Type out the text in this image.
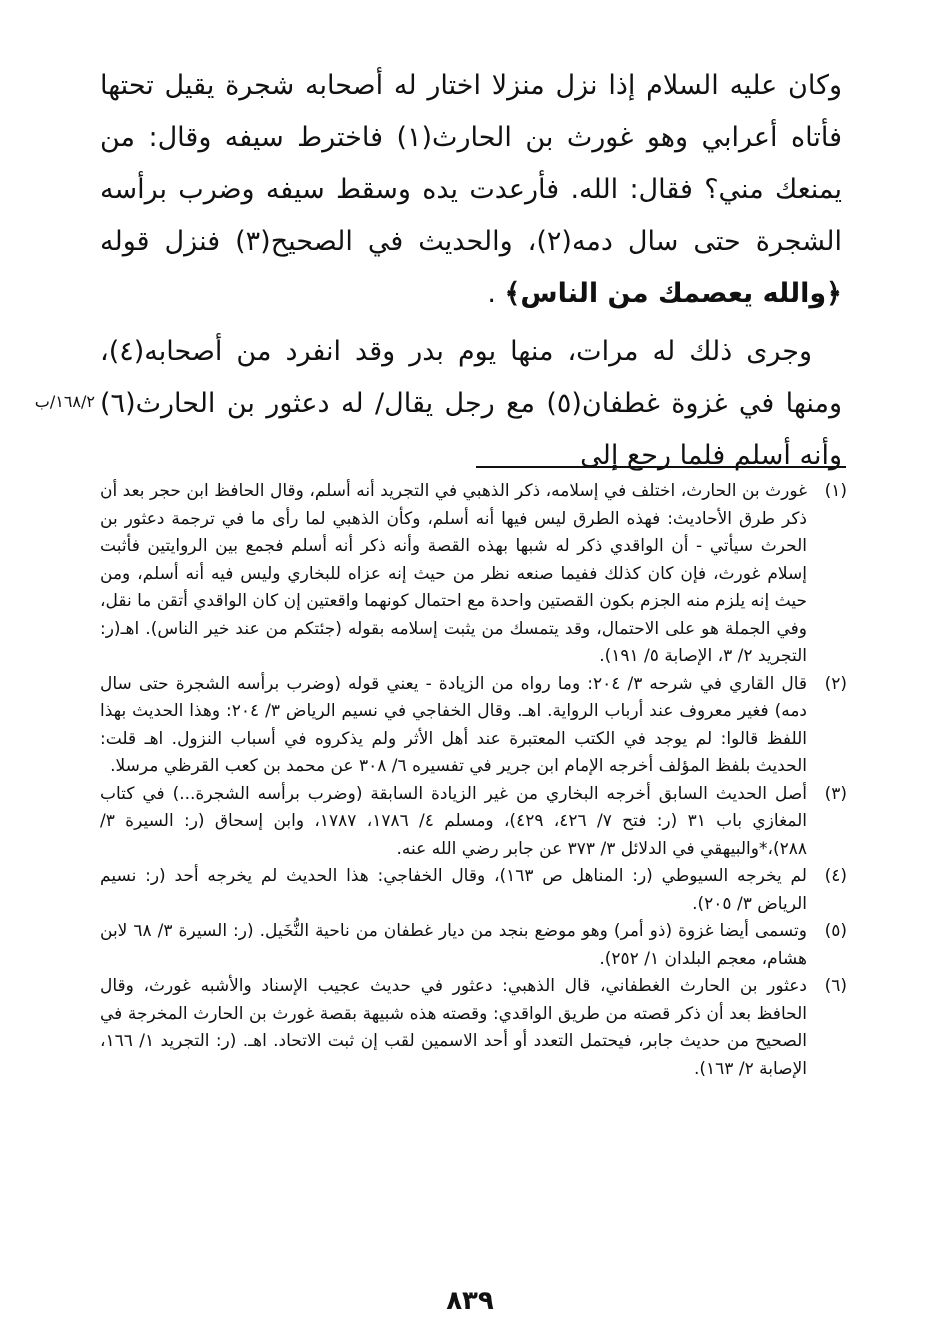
وكان عليه السلام إذا نزل منزلا اختار له أصحابه شجرة يقيل تحتها فأتاه أعرابي وهو غورث بن الحارث(١) فاخترط سيفه وقال: من يمنعك مني؟ فقال: الله. فأرعدت يده وسقط سيفه وضرب برأسه الشجرة حتى سال دمه(٢)، والحديث في الصحيح(٣) فنزل قوله ﴿والله يعصمك من الناس﴾ .

وجرى ذلك له مرات، منها يوم بدر وقد انفرد من أصحابه(٤)، ومنها في غزوة غطفان(٥) مع رجل يقال/ له دعثور بن الحارث(٦) وأنه أسلم فلما رجع إلى

١٦٨/٢/ب
(١)
غورث بن الحارث، اختلف في إسلامه، ذكر الذهبي في التجريد أنه أسلم، وقال الحافظ ابن حجر بعد أن ذكر طرق الأحاديث: فهذه الطرق ليس فيها أنه أسلم، وكأن الذهبي لما رأى ما في ترجمة دعثور بن الحرث سيأتي - أن الواقدي ذكر له شبها بهذه القصة وأنه ذكر أنه أسلم فجمع بين الروايتين فأثبت إسلام غورث، فإن كان كذلك ففيما صنعه نظر من حيث إنه عزاه للبخاري وليس فيه أنه أسلم، ومن حيث إنه يلزم منه الجزم بكون القصتين واحدة مع احتمال كونهما واقعتين إن كان الواقدي أتقن ما نقل، وفي الجملة هو على الاحتمال، وقد يتمسك من يثبت إسلامه بقوله (جئتكم من عند خير الناس). اهـ(ر: التجريد ٢/ ٣، الإصابة ٥/ ١٩١).
(٢)
قال القاري في شرحه ٣/ ٢٠٤: وما رواه من الزيادة - يعني قوله (وضرب برأسه الشجرة حتى سال دمه) فغير معروف عند أرباب الرواية. اهـ. وقال الخفاجي في نسيم الرياض ٣/ ٢٠٤: وهذا الحديث بهذا اللفظ قالوا: لم يوجد في الكتب المعتبرة عند أهل الأثر ولم يذكروه في أسباب النزول. اهـ قلت: الحديث بلفظ المؤلف أخرجه الإمام ابن جرير في تفسيره ٦/ ٣٠٨ عن محمد بن كعب القرظي مرسلا.
(٣)
أصل الحديث السابق أخرجه البخاري من غير الزيادة السابقة (وضرب برأسه الشجرة...) في كتاب المغازي باب ٣١ (ر: فتح ٧/ ٤٢٦، ٤٢٩)، ومسلم ٤/ ١٧٨٦، ١٧٨٧، وابن إسحاق (ر: السيرة ٣/ ٢٨٨)،*والبيهقي في الدلائل ٣/ ٣٧٣ عن جابر رضي الله عنه.
(٤)
لم يخرجه السيوطي (ر: المناهل ص ١٦٣)، وقال الخفاجي: هذا الحديث لم يخرجه أحد (ر: نسيم الرياض ٣/ ٢٠٥).
(٥)
وتسمى أيضا غزوة (ذو أمر) وهو موضع بنجد من ديار غطفان من ناحية النُّخَيل. (ر: السيرة ٣/ ٦٨ لابن هشام، معجم البلدان ١/ ٢٥٢).
(٦)
دعثور بن الحارث الغطفاني، قال الذهبي: دعثور في حديث عجيب الإسناد والأشبه غورث، وقال الحافظ بعد أن ذكر قصته من طريق الواقدي: وقصته هذه شبيهة بقصة غورث بن الحارث المخرجة في الصحيح من حديث جابر، فيحتمل التعدد أو أحد الاسمين لقب إن ثبت الاتحاد. اهـ. (ر: التجريد ١/ ١٦٦، الإصابة ٢/ ١٦٣).
٨٣٩
